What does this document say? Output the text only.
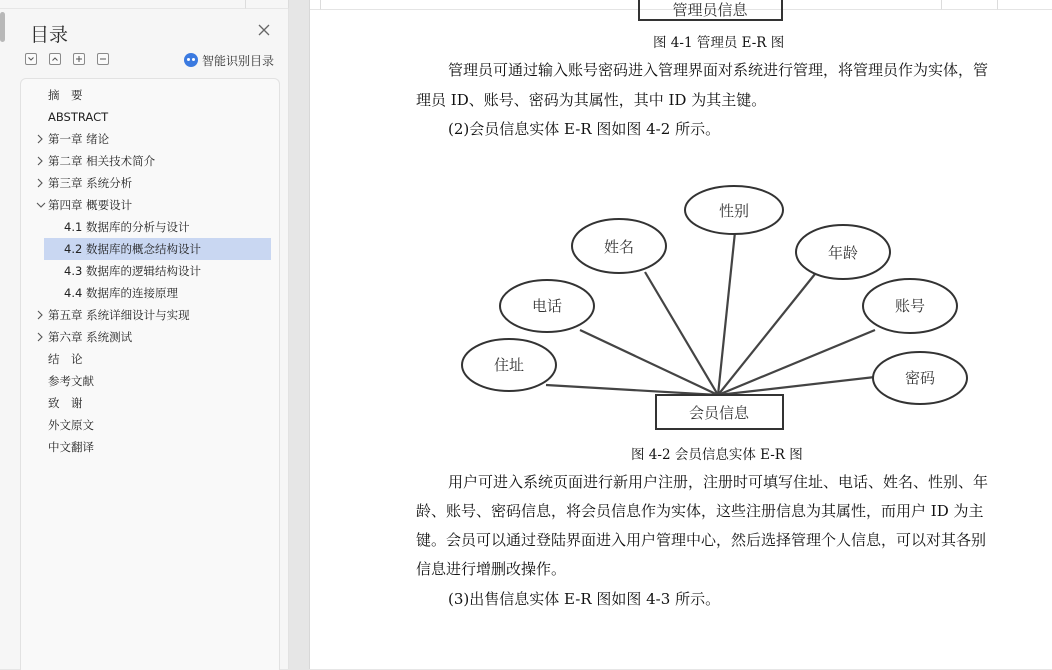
目录
智能识别目录
摘　要
ABSTRACT
第一章 绪论
第二章 相关技术简介
第三章 系统分析
第四章 概要设计
4.1 数据库的分析与设计
4.2 数据库的概念结构设计
4.3 数据库的逻辑结构设计
4.4 数据库的连接原理
第五章 系统详细设计与实现
第六章 系统测试
结　论
参考文献
致　谢
外文原文
中文翻译
管理员信息
住址
电话
姓名
性别
年龄
账号
密码
会员信息
图 4-1 管理员 E-R 图
管理员可通过输入账号密码进入管理界面对系统进行管理，将管理员作为实体，管
理员 ID、账号、密码为其属性，其中 ID 为其主键。
(2)会员信息实体 E-R 图如图 4-2 所示。
图 4-2 会员信息实体 E-R 图
用户可进入系统页面进行新用户注册，注册时可填写住址、电话、姓名、性别、年
龄、账号、密码信息，将会员信息作为实体，这些注册信息为其属性，而用户 ID 为主
键。会员可以通过登陆界面进入用户管理中心，然后选择管理个人信息，可以对其各别
信息进行增删改操作。
(3)出售信息实体 E-R 图如图 4-3 所示。
